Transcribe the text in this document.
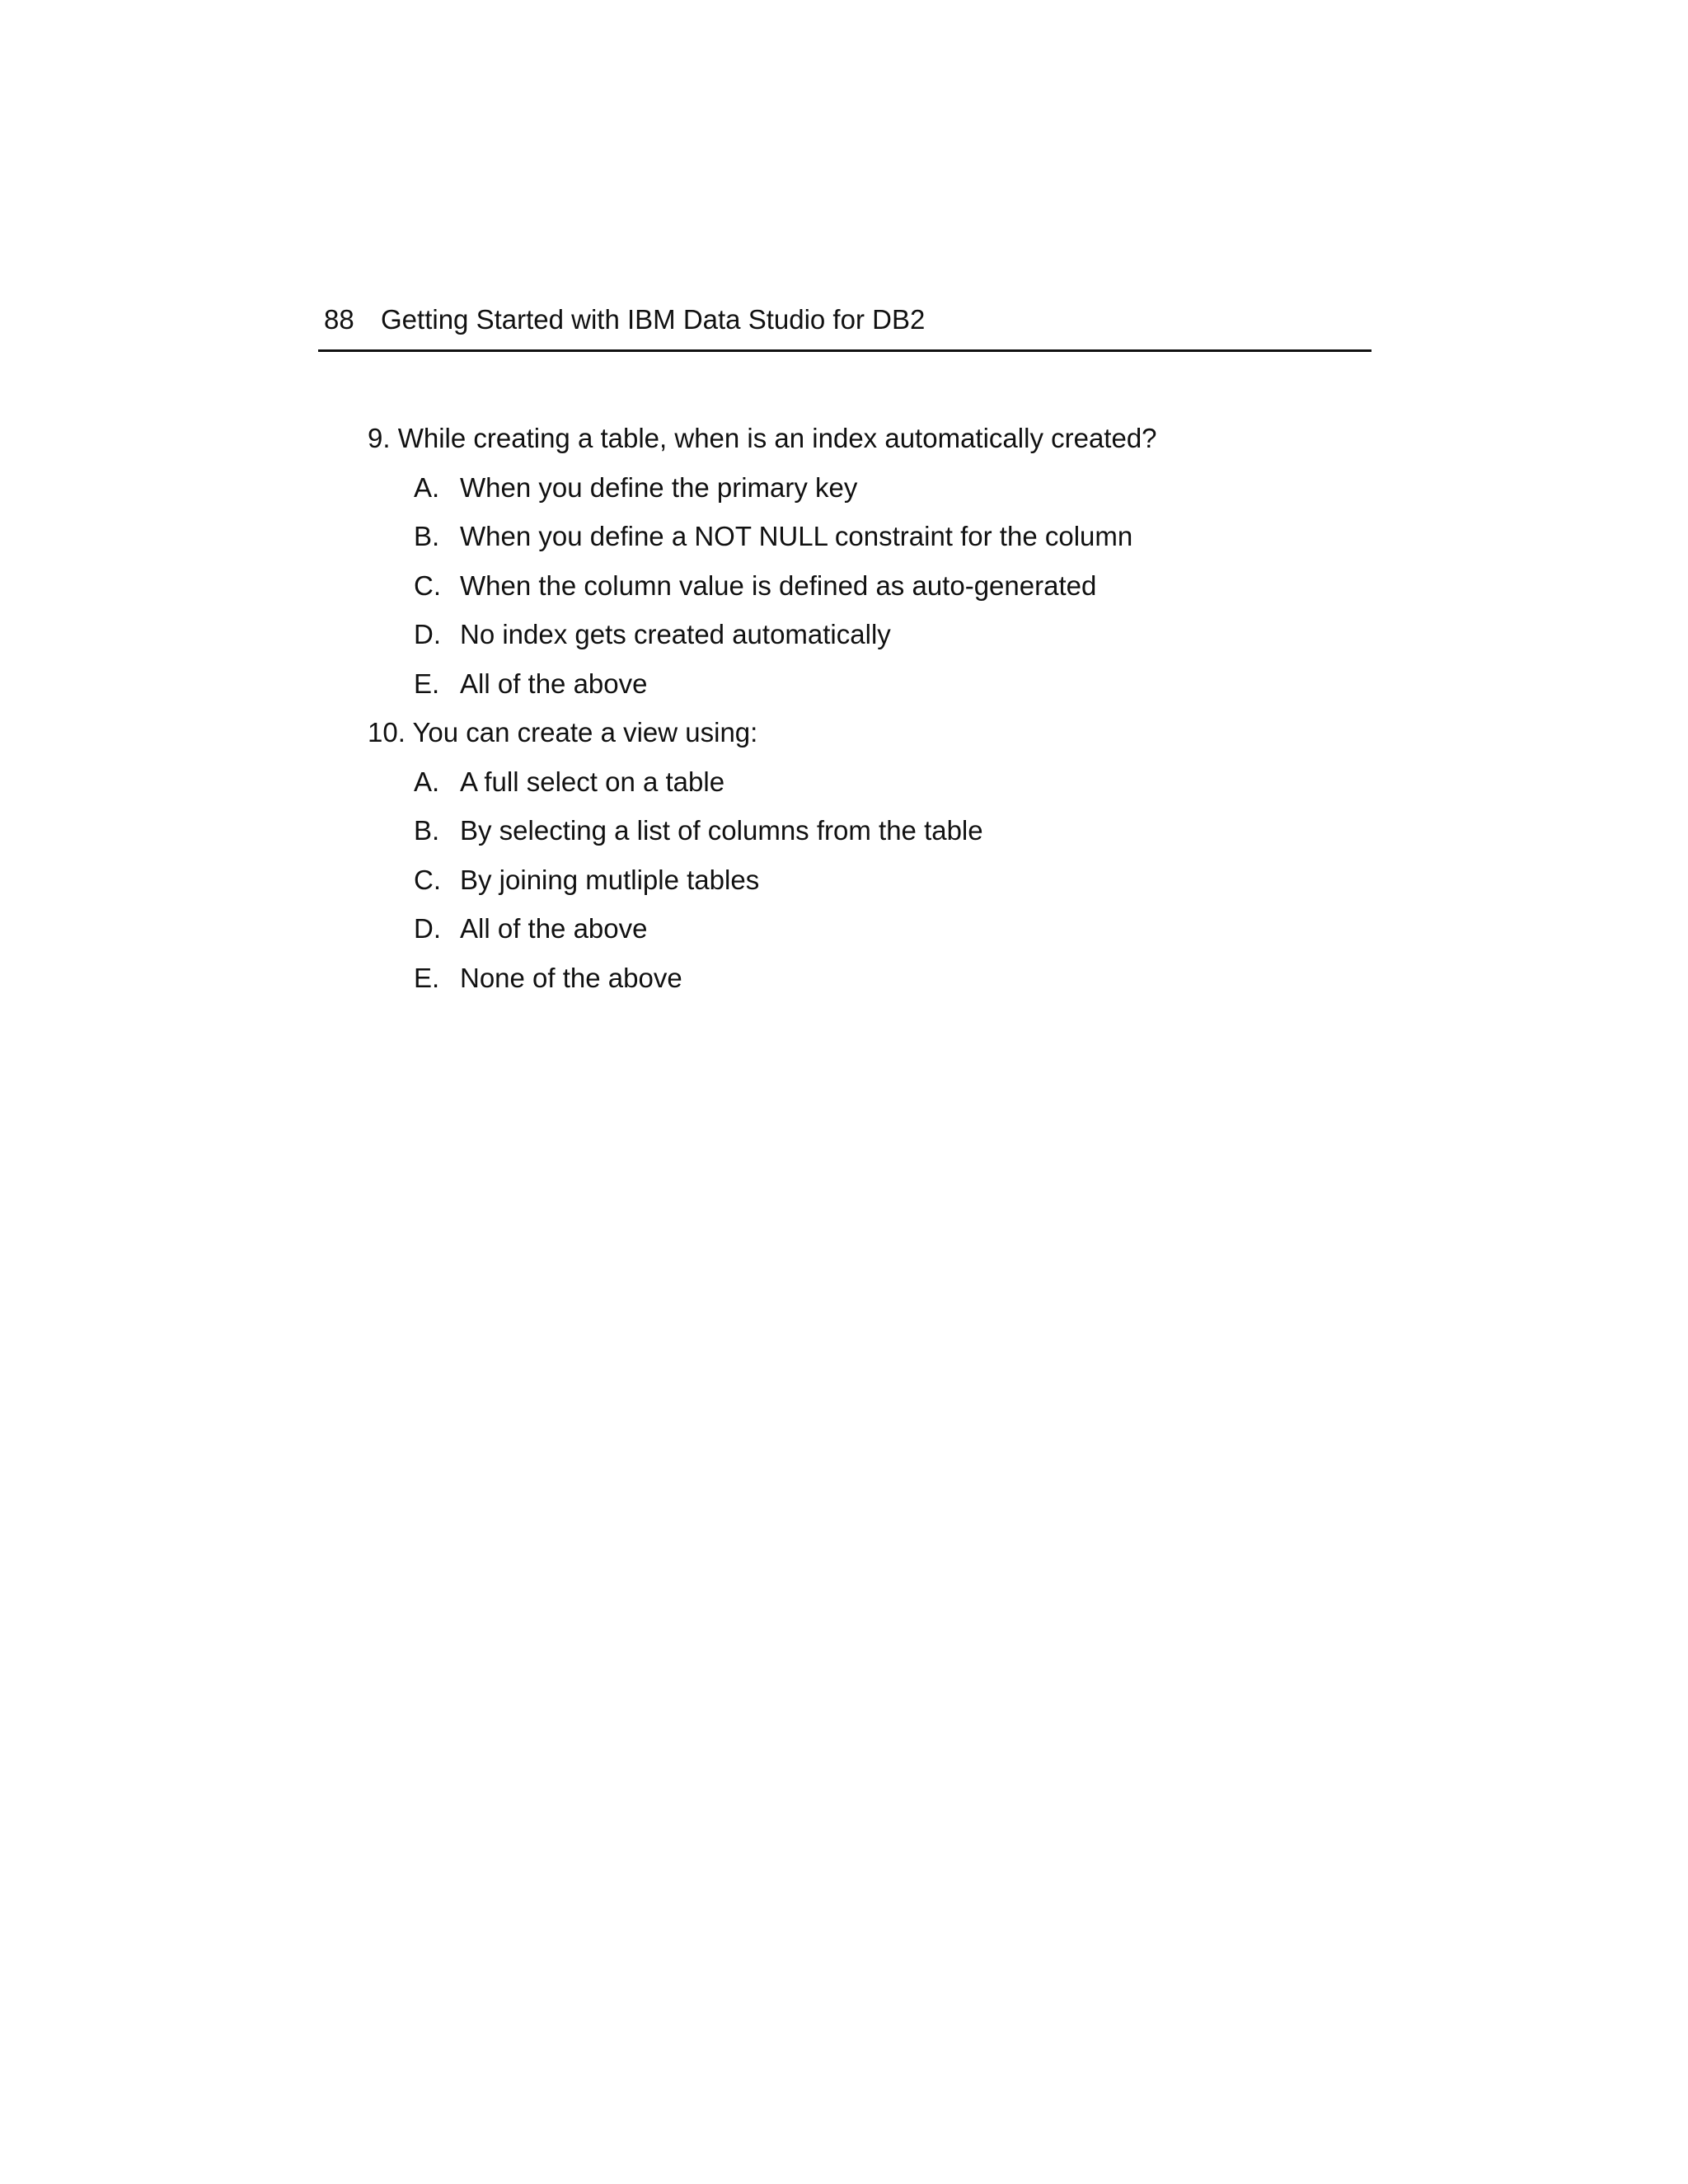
88 Getting Started with IBM Data Studio for DB2
9. While creating a table, when is an index automatically created?
A. When you define the primary key
B. When you define a NOT NULL constraint for the column
C. When the column value is defined as auto-generated
D. No index gets created automatically
E. All of the above
10. You can create a view using:
A. A full select on a table
B. By selecting a list of columns from the table
C. By joining mutliple tables
D. All of the above
E. None of the above
